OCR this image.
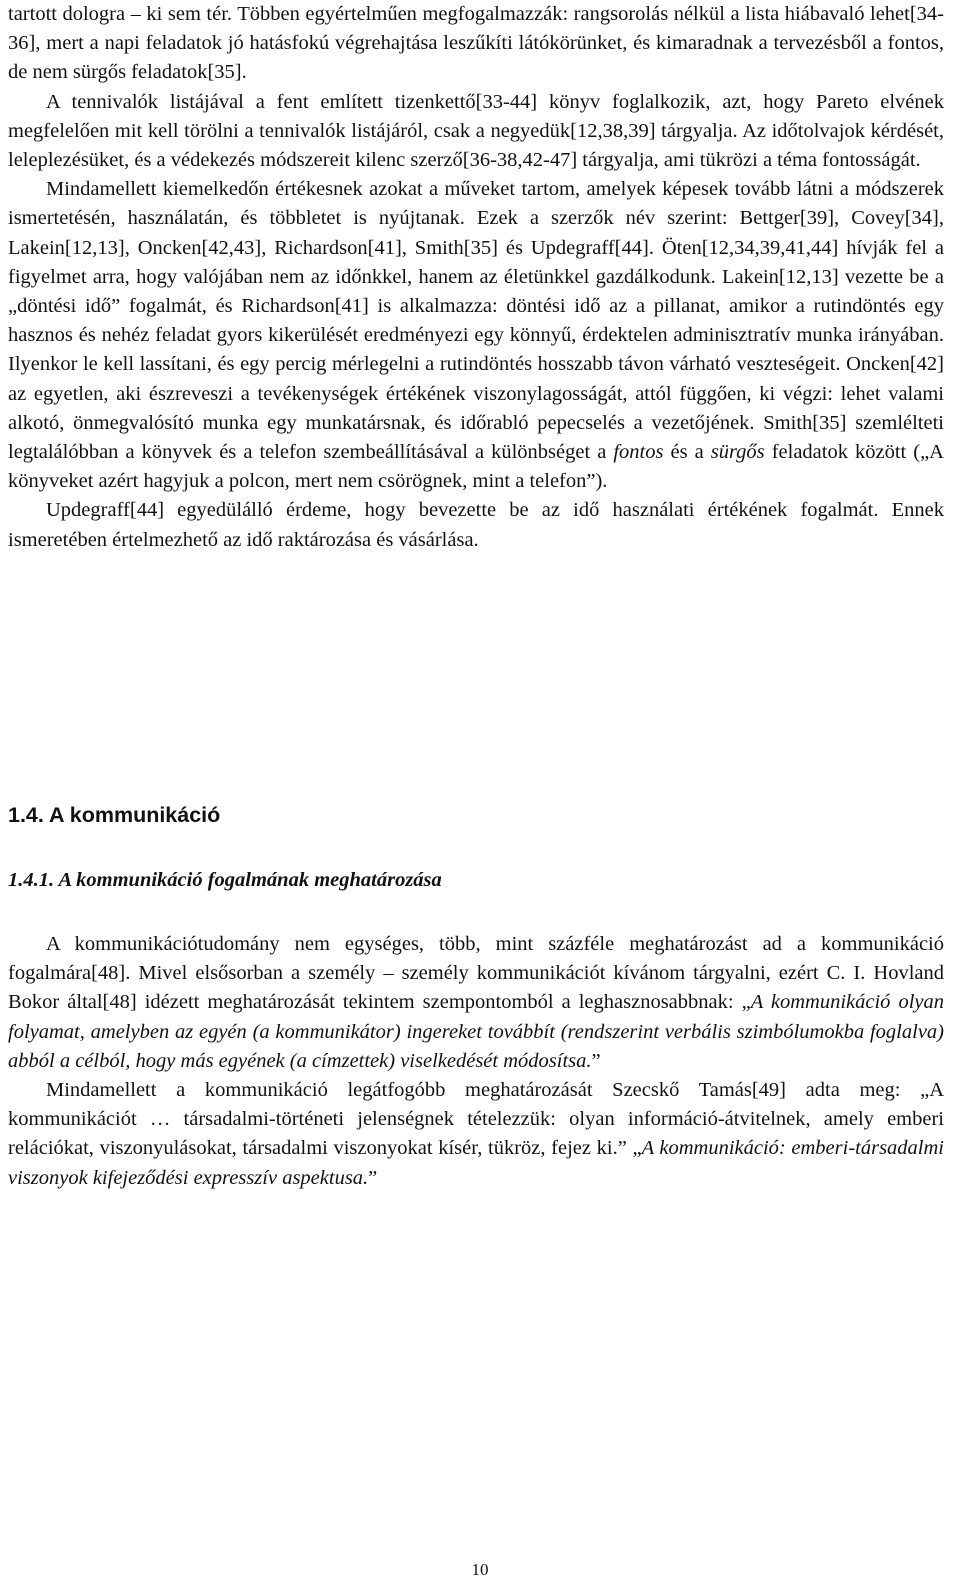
tartott dologra – ki sem tér. Többen egyértelműen megfogalmazzák: rangsorolás nélkül a lista hiábavaló lehet[34-36], mert a napi feladatok jó hatásfokú végrehajtása leszűkíti látókörünket, és kimaradnak a tervezésből a fontos, de nem sürgős feladatok[35].

A tennivalók listájával a fent említett tizenkettő[33-44] könyv foglalkozik, azt, hogy Pareto elvének megfelelően mit kell törölni a tennivalók listájáról, csak a negyedük[12,38,39] tárgyalja. Az időtolvajok kérdését, leleplezésüket, és a védekezés módszereit kilenc szerző[36-38,42-47] tárgyalja, ami tükrözi a téma fontosságát.

Mindamellett kiemelkedőn értékesnek azokat a műveket tartom, amelyek képesek tovább látni a módszerek ismertetésén, használatán, és többletet is nyújtanak. Ezek a szerzők név szerint: Bettger[39], Covey[34], Lakein[12,13], Oncken[42,43], Richardson[41], Smith[35] és Updegraff[44]. Öten[12,34,39,41,44] hívják fel a figyelmet arra, hogy valójában nem az időnkkel, hanem az életünkkel gazdálkodunk. Lakein[12,13] vezette be a „döntési idő” fogalmát, és Richardson[41] is alkalmazza: döntési idő az a pillanat, amikor a rutindöntés egy hasznos és nehéz feladat gyors kikerülését eredményezi egy könnyű, érdektelen adminisztratív munka irányában. Ilyenkor le kell lassítani, és egy percig mérlegelni a rutindöntés hosszabb távon várható veszteségeit. Oncken[42] az egyetlen, aki észreveszi a tevékenységek értékének viszonylagosságát, attól függően, ki végzi: lehet valami alkotó, önmegvalósító munka egy munkatársnak, és időrabló pepecselés a vezetőjének. Smith[35] szemlélteti legtalálóbban a könyvek és a telefon szembeállításával a különbséget a fontos és a sürgős feladatok között („A könyveket azért hagyjuk a polcon, mert nem csörögnek, mint a telefon”).

Updegraff[44] egyedülálló érdeme, hogy bevezette be az idő használati értékének fogalmát. Ennek ismeretében értelmezhető az idő raktározása és vásárlása.

1.4. A kommunikáció
1.4.1. A kommunikáció fogalmának meghatározása

A kommunikációtudomány nem egységes, több, mint százféle meghatározást ad a kommunikáció fogalmára[48]. Mivel elsősorban a személy – személy kommunikációt kívánom tárgyalni, ezért C. I. Hovland Bokor által[48] idézett meghatározását tekintem szempontomból a leghasznosabbnak: „A kommunikáció olyan folyamat, amelyben az egyén (a kommunikátor) ingereket továbbít (rendszerint verbális szimbólumokba foglalva) abból a célból, hogy más egyének (a címzettek) viselkedését módosítsa.”

Mindamellett a kommunikáció legátfogóbb meghatározását Szecskő Tamás[49] adta meg: „A kommunikációt … társadalmi-történeti jelenségnek tételezzük: olyan információ-átvitelnek, amely emberi relációkat, viszonyulásokat, társadalmi viszonyokat kísér, tükröz, fejez ki.” „A kommunikáció: emberi-társadalmi viszonyok kifejeződési expresszív aspektusa.”

10
